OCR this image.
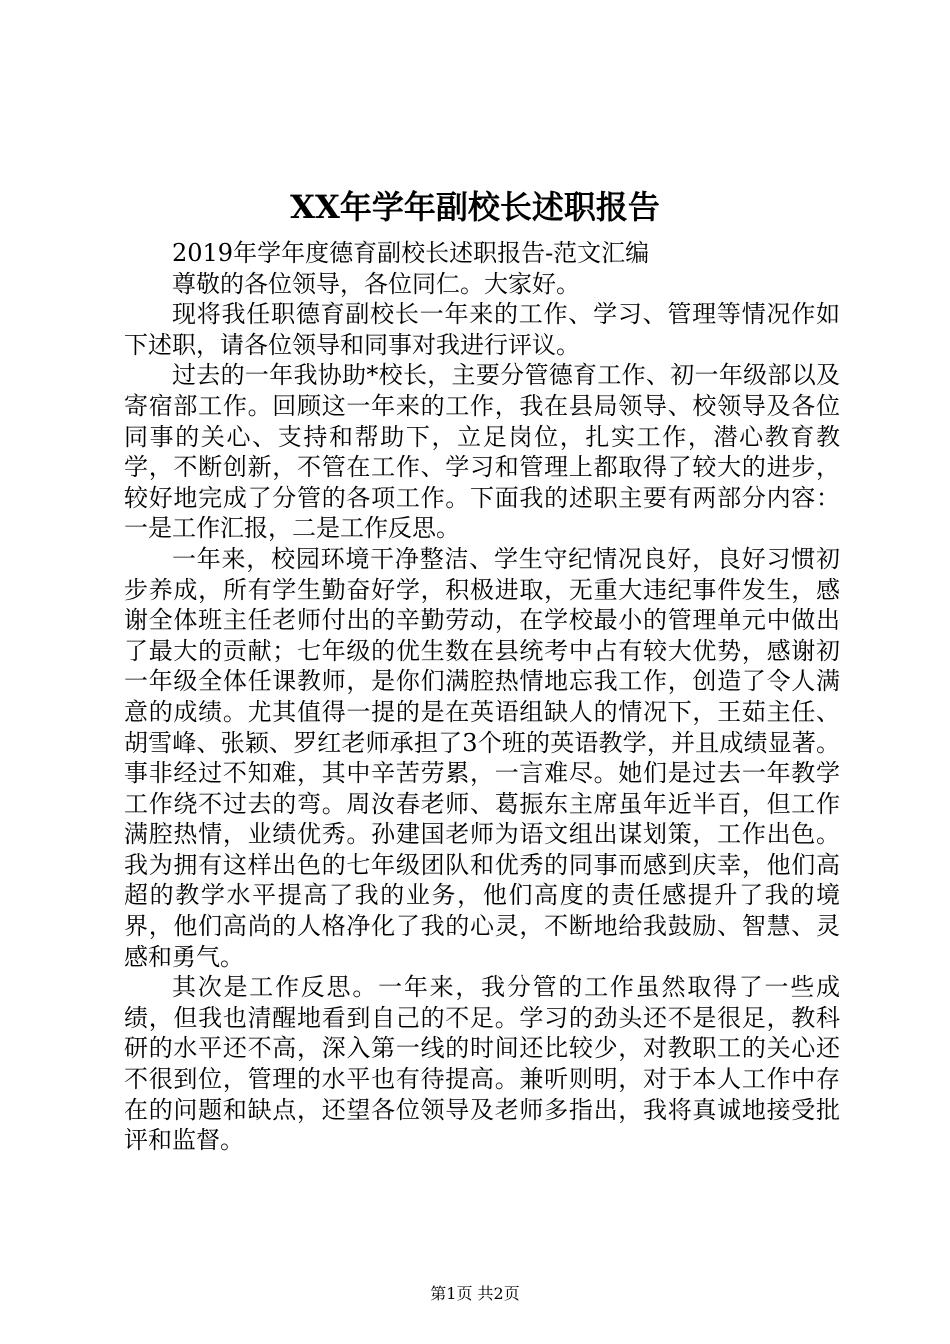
XX年学年副校长述职报告

2019年学年度德育副校长述职报告-范文汇编

尊敬的各位领导，各位同仁。大家好。

现将我任职德育副校长一年来的工作、学习、管理等情况作如下述职，请各位领导和同事对我进行评议。

过去的一年我协助*校长，主要分管德育工作、初一年级部以及寄宿部工作。回顾这一年来的工作，我在县局领导、校领导及各位同事的关心、支持和帮助下，立足岗位，扎实工作，潜心教育教学，不断创新，不管在工作、学习和管理上都取得了较大的进步，较好地完成了分管的各项工作。下面我的述职主要有两部分内容：一是工作汇报，二是工作反思。

一年来，校园环境干净整洁、学生守纪情况良好，良好习惯初步养成，所有学生勤奋好学，积极进取，无重大违纪事件发生，感谢全体班主任老师付出的辛勤劳动，在学校最小的管理单元中做出了最大的贡献；七年级的优生数在县统考中占有较大优势，感谢初一年级全体任课教师，是你们满腔热情地忘我工作，创造了令人满意的成绩。尤其值得一提的是在英语组缺人的情况下，王茹主任、胡雪峰、张颖、罗红老师承担了3个班的英语教学，并且成绩显著。事非经过不知难，其中辛苦劳累，一言难尽。她们是过去一年教学工作绕不过去的弯。周汝春老师、葛振东主席虽年近半百，但工作满腔热情，业绩优秀。孙建国老师为语文组出谋划策，工作出色。我为拥有这样出色的七年级团队和优秀的同事而感到庆幸，他们高超的教学水平提高了我的业务，他们高度的责任感提升了我的境界，他们高尚的人格净化了我的心灵，不断地给我鼓励、智慧、灵感和勇气。

其次是工作反思。一年来，我分管的工作虽然取得了一些成绩，但我也清醒地看到自己的不足。学习的劲头还不是很足，教科研的水平还不高，深入第一线的时间还比较少，对教职工的关心还不很到位，管理的水平也有待提高。兼听则明，对于本人工作中存在的问题和缺点，还望各位领导及老师多指出，我将真诚地接受批评和监督。

第1页 共2页
